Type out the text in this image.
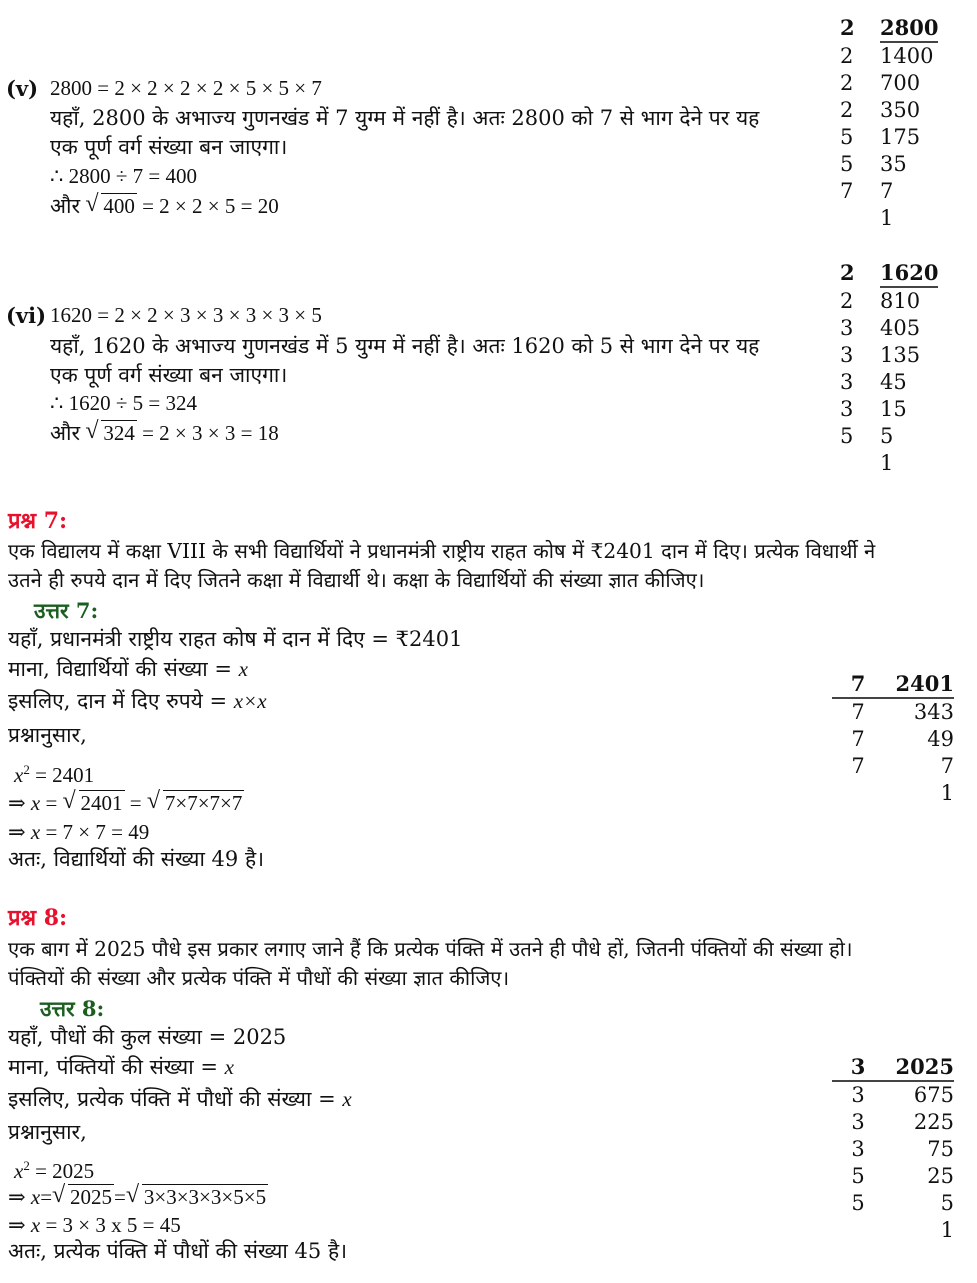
(v) 2800 = 2 × 2 × 2 × 2 × 5 × 5 × 7
यहाँ, 2800 के अभाज्य गुणनखंड में 7 युग्म में नहीं है। अतः 2800 को 7 से भाग देने पर यह
एक पूर्ण वर्ग संख्या बन जाएगा।
∴ 2800 ÷ 7 = 400
और √ 400 = 2 × 2 × 5 = 20
2	2800
2	1400
2	700
2	350
5	175
5	35
7	7
1
(vi) 1620 = 2 × 2 × 3 × 3 × 3 × 3 × 5
यहाँ, 1620 के अभाज्य गुणनखंड में 5 युग्म में नहीं है। अतः 1620 को 5 से भाग देने पर यह
एक पूर्ण वर्ग संख्या बन जाएगा।
∴ 1620 ÷ 5 = 324
और √ 324 = 2 × 3 × 3 = 18
2	1620
2	810
3	405
3	135
3	45
3	15
5	5
1
प्रश्न 7:
एक विद्यालय में कक्षा VIII के सभी विद्यार्थियों ने प्रधानमंत्री राष्ट्रीय राहत कोष में ₹2401 दान में दिए। प्रत्येक विधार्थी ने
उतने ही रुपये दान में दिए जितने कक्षा में विद्यार्थी थे। कक्षा के विद्यार्थियों की संख्या ज्ञात कीजिए।
उत्तर 7:
यहाँ, प्रधानमंत्री राष्ट्रीय राहत कोष में दान में दिए = ₹2401
माना, विद्यार्थियों की संख्या = x
इसलिए, दान में दिए रुपये = x×x
प्रश्नानुसार,
$x^2 = 2401$
⇒ x = √ 2401 = √ 7×7×7×7
⇒ x = 7 × 7 = 49
अतः, विद्यार्थियों की संख्या 49 है।
7	2401
7	343
7	49
7	7
1
प्रश्न 8:
एक बाग में 2025 पौधे इस प्रकार लगाए जाने हैं कि प्रत्येक पंक्ति में उतने ही पौधे हों, जितनी पंक्तियों की संख्या हो।
पंक्तियों की संख्या और प्रत्येक पंक्ति में पौधों की संख्या ज्ञात कीजिए।
उत्तर 8:
यहाँ, पौधों की कुल संख्या = 2025
माना, पंक्तियों की संख्या = x
इसलिए, प्रत्येक पंक्ति में पौधों की संख्या = x
प्रश्नानुसार,
$x^2 = 2025$
⇒ x= √ 2025= √ 3×3×3×3×5×5
⇒ x = 3 × 3 x 5 = 45
अतः, प्रत्येक पंक्ति में पौधों की संख्या 45 है।
3	2025
3	675
3	225
3	75
5	25
5	5
1
